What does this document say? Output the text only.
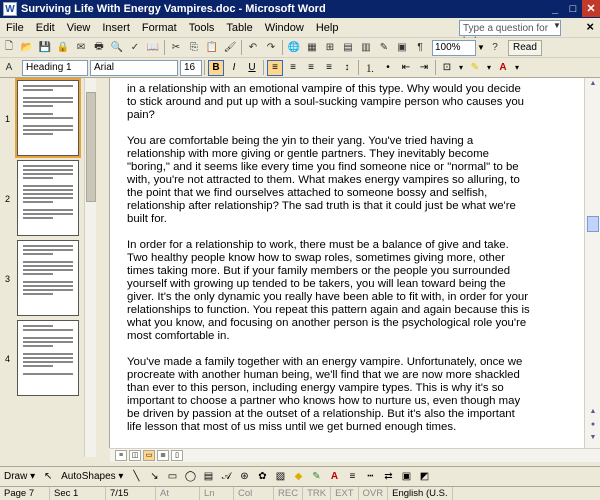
W Surviving Life With Energy Vampires.doc - Microsoft Word	_	□ ✕
File	Edit	View	Insert	Format	Tools	Table	Window	Help	Type a question for ▼ ×
🗋 📂 💾 🔒 ✉ 🖶 🔍 ✓ 📖	✂ ⎘ 📋 🖌	↶ ↷	🌐 ▦ ⊞ ▤ ▥ ✎ ▣	¶	100%	▼ ?	Read
A	Heading 1	Arial	16	B	I	U	≡	≡	≡	≡	↕	⒈	•	⇤ ⇥	⊡ ▾ ✎ ▾ A	▾
1
2
3
4

in a relationship with an emotional vampire of this type. Why would you decide to stick around and put up with a soul-sucking vampire person who causes you pain?

You are comfortable being the yin to their yang. You've tried having a relationship with more giving or gentle partners. They inevitably become "boring," and it seems like every time you find someone nice or "normal" to be with, you're not attracted to them. What makes energy vampires so alluring, to the point that we find ourselves attached to someone bossy and selfish, relationship after relationship? The sad truth is that it could just be what we're built for.

In order for a relationship to work, there must be a balance of give and take. Two healthy people know how to swap roles, sometimes giving more, other times taking more. But if your family members or the people you surrounded yourself with growing up tended to be takers, you will lean toward being the giver. It's the only dynamic you really have been able to fit with, in order for your relationships to function. You repeat this pattern again and again because this is what you know, and focusing on another person is the psychological role you're most comfortable in.

You've made a family together with an energy vampire. Unfortunately, once we procreate with another human being, we'll find that we are now more shackled than ever to this person, including energy vampire types. This is why it's so important to choose a partner who knows how to nurture us, even though may be driven by passion at the outset of a relationship. But it's also the important life lesson that most of us miss until we get burned enough times.

▲
▲
●
▼
≡	◫	▭	≣	▯
Draw ▾ ↖ AutoShapes ▾ ╲	↘ ▭ ◯ ▤ 𝒜 ⊛ ✿ ▧ ◆ ✎	A	≡	┅	⇄ ▣ ◩
Page 7	Sec 1	7/15	At	Ln	Col	REC TRK EXT OVR English (U.S.
